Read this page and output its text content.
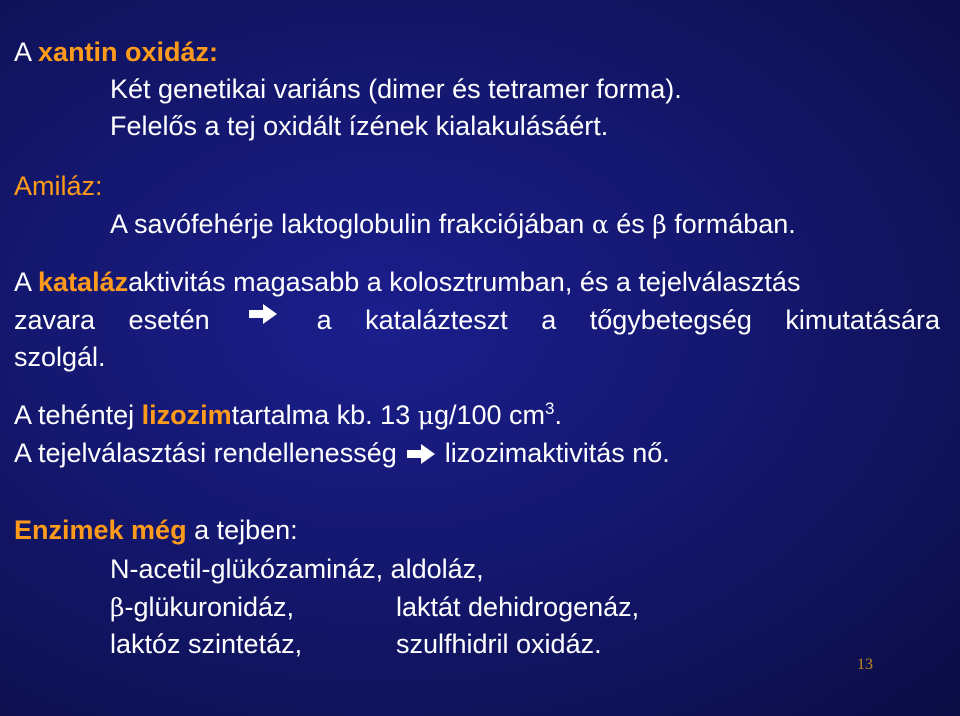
A xantin oxidáz:
Két genetikai variáns (dimer és tetramer forma).
Felelős a tej oxidált ízének kialakulásáért.
Amiláz:
A savófehérje laktoglobulin frakciójában α és β formában.
A katalázaktivitás magasabb a kolosztrumban, és a tejelválasztás
zavara esetén	a katalázteszt a tőgybetegség kimutatására
szolgál.
A tehéntej lizozimtartalma kb. 13 μg/100 $cm^3$.
A tejelválasztási rendellenesség lizozimaktivitás nő.
Enzimek még a tejben:
N-acetil-glükózamináz, aldoláz,
β-glükuronidáz,	laktát dehidrogenáz,
laktóz szintetáz,	szulfhidril oxidáz.
13
